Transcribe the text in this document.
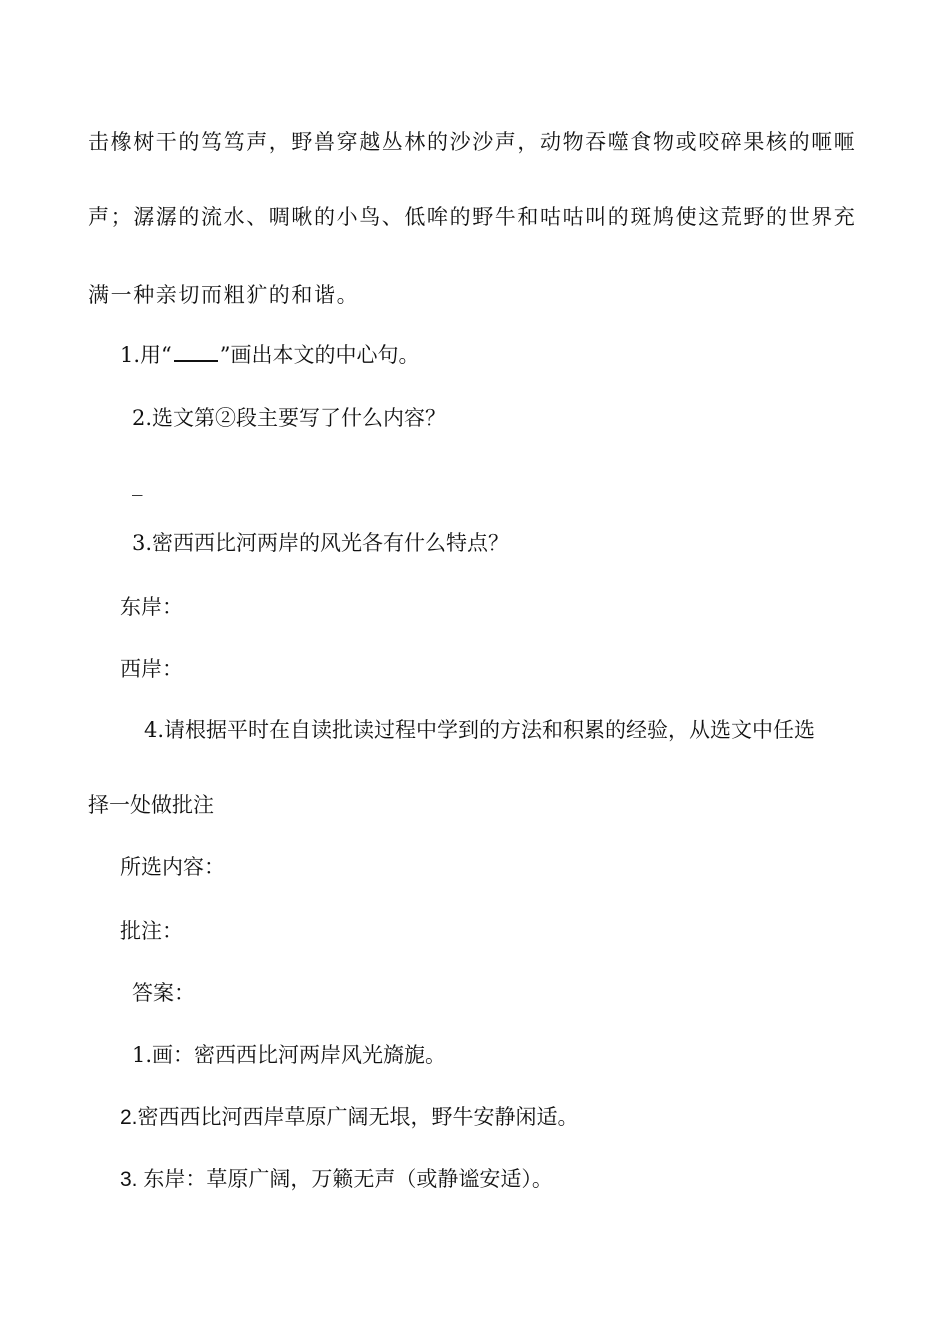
击橡树干的笃笃声，野兽穿越丛林的沙沙声，动物吞噬食物或咬碎果核的咂咂
声；潺潺的流水、啁啾的小鸟、低哞的野牛和咕咕叫的斑鸠使这荒野的世界充
满一种亲切而粗犷的和谐。
1.用“ ”画出本文的中心句。
2.选文第②段主要写了什么内容？
_
3.密西西比河两岸的风光各有什么特点？
东岸：
西岸：
4.请根据平时在自读批读过程中学到的方法和积累的经验，从选文中任选
择一处做批注
所选内容：
批注：
答案：
1.画：密西西比河两岸风光旖旎。
2.密西西比河西岸草原广阔无垠，野牛安静闲适。
3. 东岸：草原广阔，万籁无声（或静谧安适）。
